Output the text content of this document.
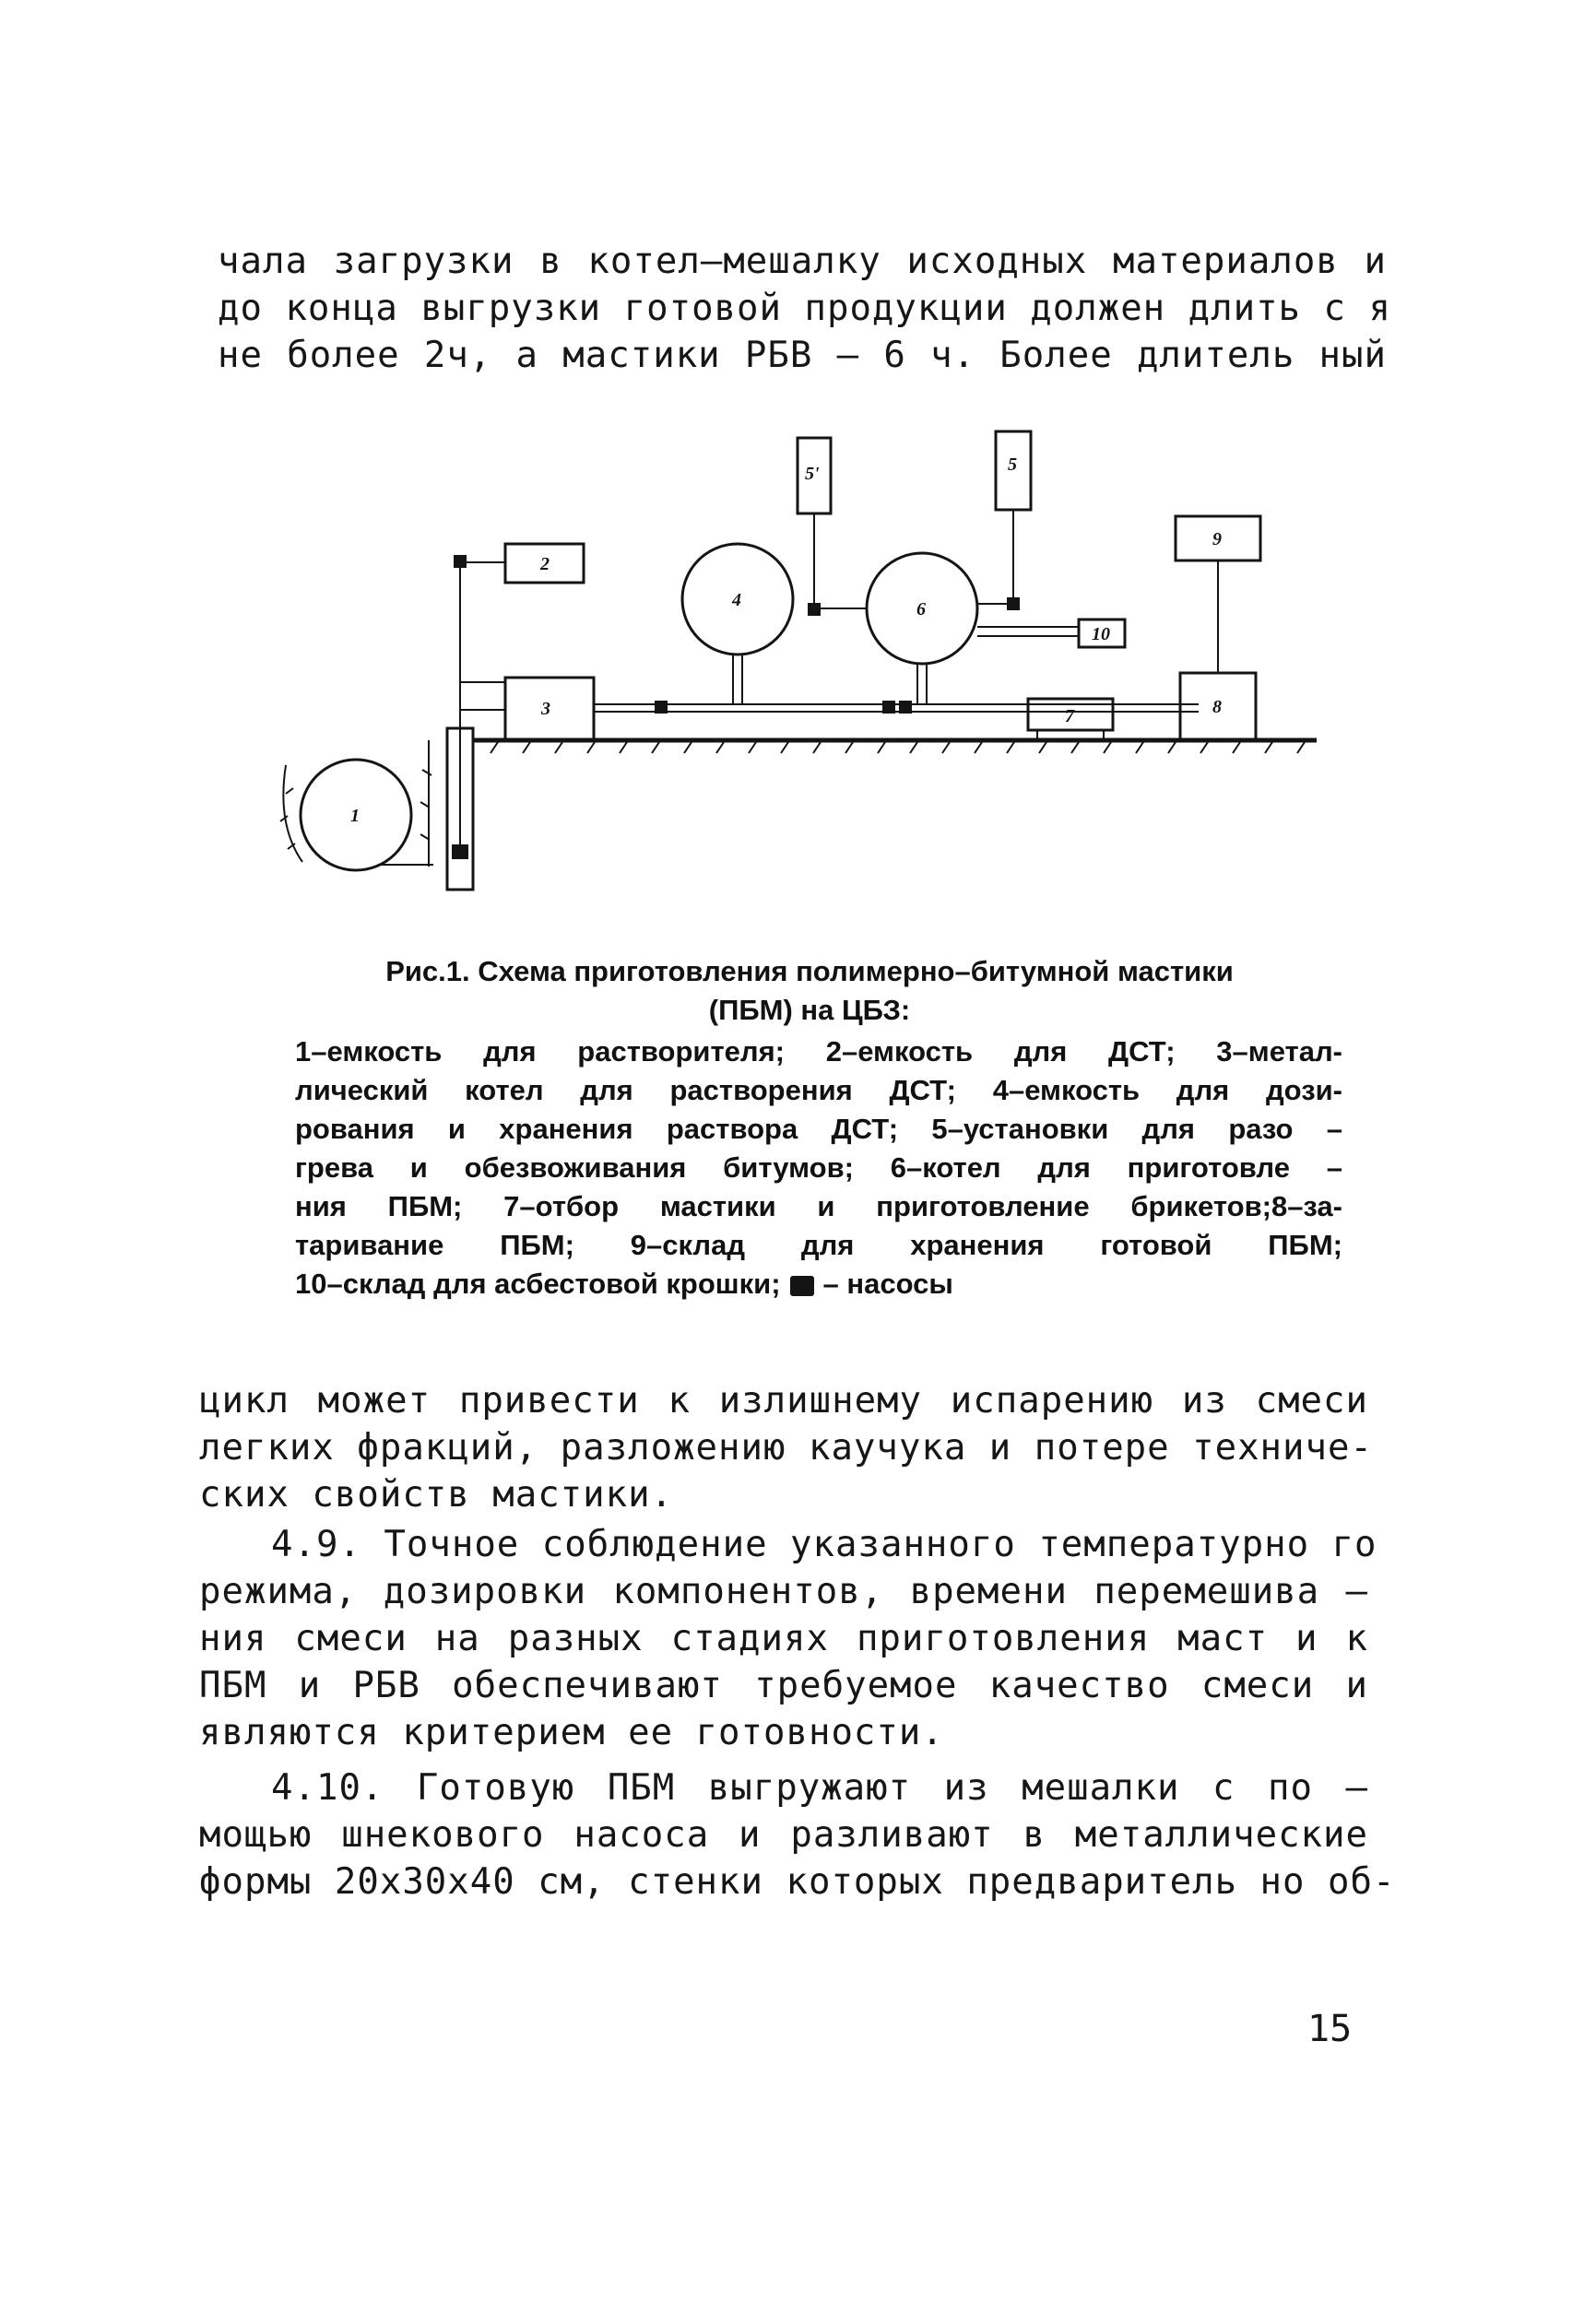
чала загрузки в котел–мешалку исходных материалов и
до конца выгрузки готовой продукции должен длить с я
не более 2ч, а мастики РБВ – 6 ч. Более длитель ный
1
2
3
4
5
5'
6
7	8
9
10
Рис.1. Схема приготовления полимерно–битумной мастики
(ПБМ) на ЦБЗ:
1–емкость для растворителя; 2–емкость для ДСТ; 3–метал-
лический котел для растворения ДСТ; 4–емкость для дози-
рования и хранения раствора ДСТ; 5–установки для разо –
грева и обезвоживания битумов; 6–котел для приготовле –
ния ПБМ; 7–отбор мастики и приготовление брикетов;8–за-
таривание ПБМ; 9–склад для хранения готовой ПБМ;
10–склад для асбестовой крошки; – насосы
цикл может привести к излишнему испарению из смеси
легких фракций, разложению каучука и потере техниче-
ских свойств мастики.
4.9. Точное соблюдение указанного температурно го
режима, дозировки компонентов, времени перемешива –
ния смеси на разных стадиях приготовления маст и к
ПБМ и РБВ обеспечивают требуемое качество смеси и
являются критерием ее готовности.
4.10. Готовую ПБМ выгружают из мешалки с по –
мощью шнекового насоса и разливают в металлические
формы 20х30х40 см, стенки которых предваритель но об-
15
